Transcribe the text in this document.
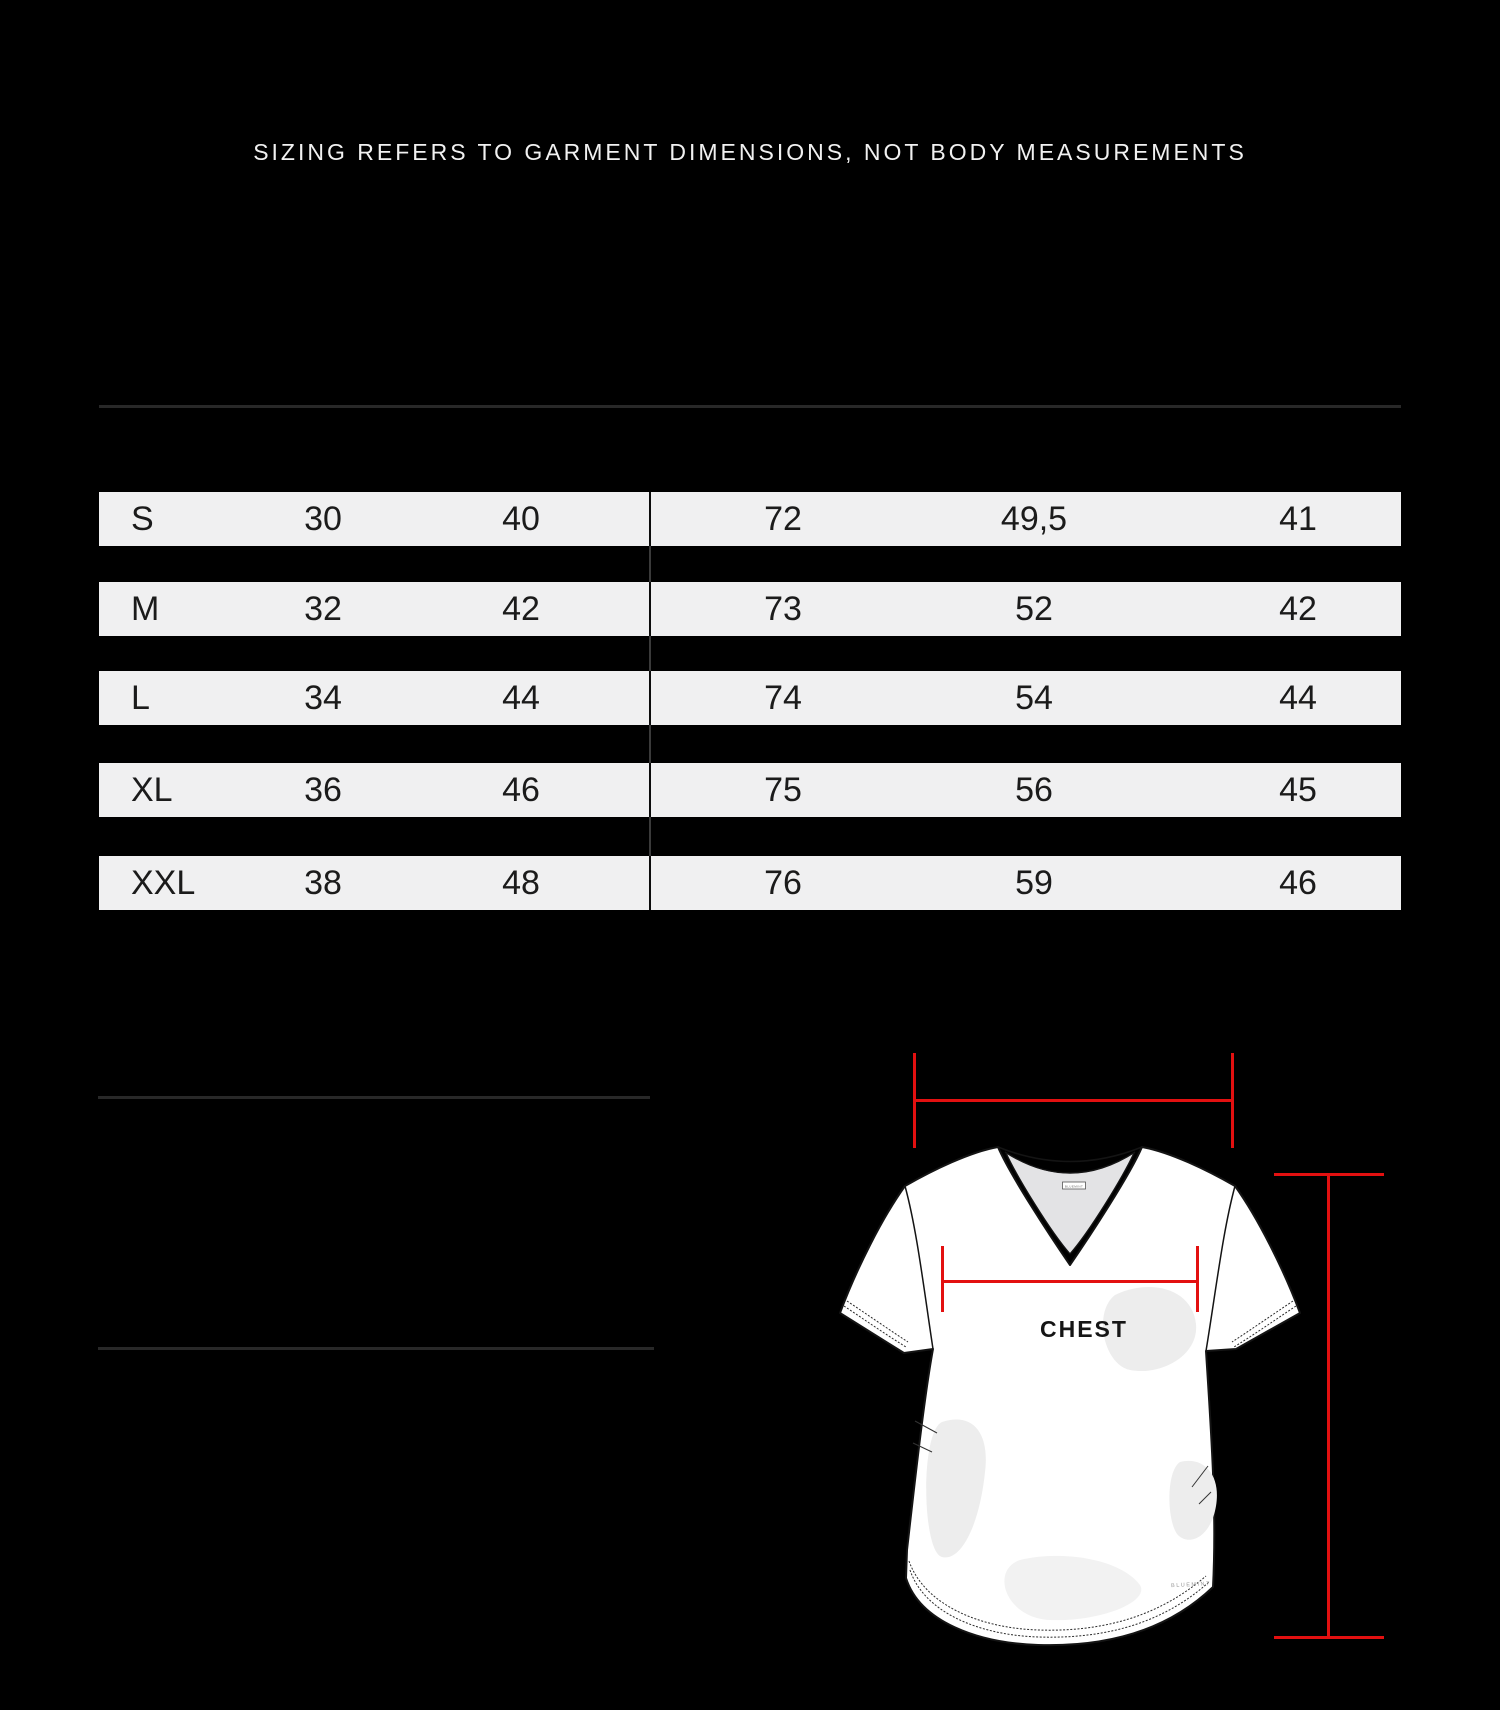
SIZING REFERS TO GARMENT DIMENSIONS, NOT BODY MEASUREMENTS
S	30	40	72	49,5	41
M	32	42	73	52	42
L	34	44	74	54	44
XL	36	46	75	56	45
XXL	38	48	76	59	46
BLUEMINT
BLUEMINT
CHEST
